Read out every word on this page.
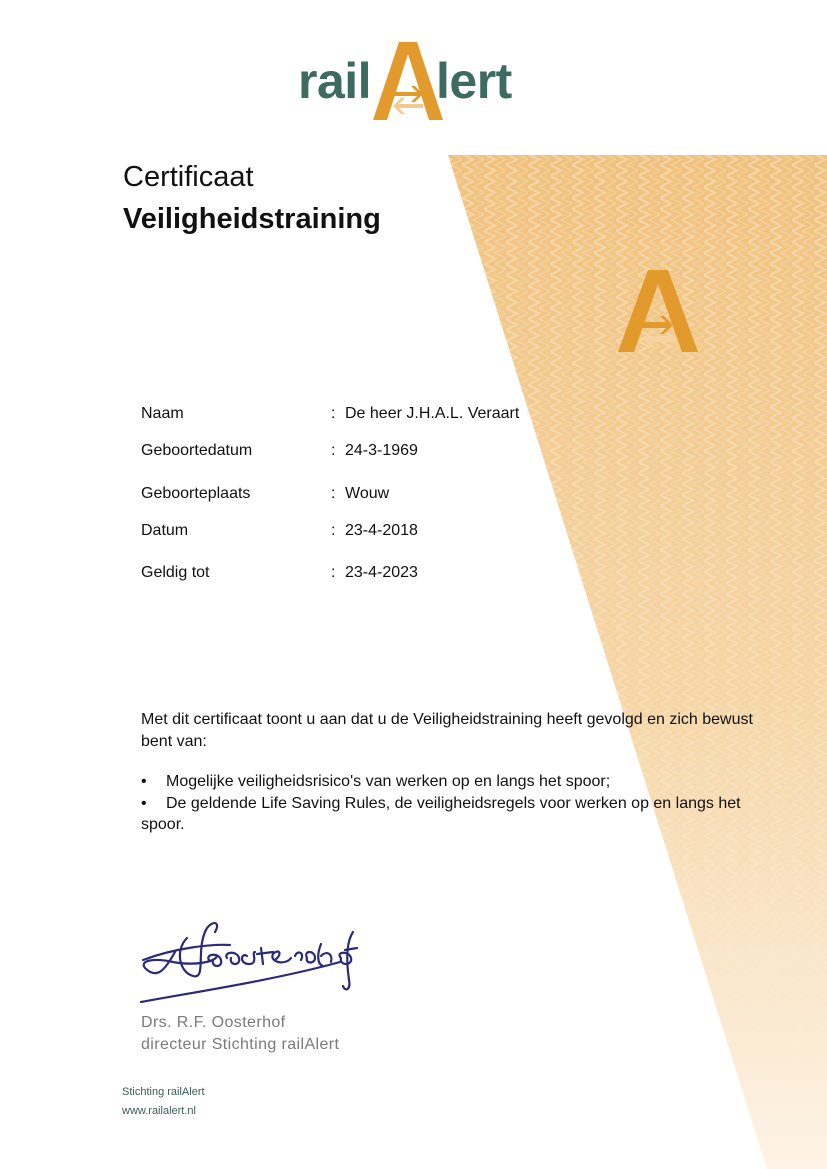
rail lert
Certificaat
Veiligheidstraining
Naam	: De heer J.H.A.L. Veraart
Geboortedatum	: 24-3-1969
Geboorteplaats	: Wouw
Datum	: 23-4-2018
Geldig tot	: 23-4-2023
Met dit certificaat toont u aan dat u de Veiligheidstraining heeft gevolgd en zich bewust bent van:
• Mogelijke veiligheidsrisico's van werken op en langs het spoor;
• De geldende Life Saving Rules, de veiligheidsregels voor werken op en langs het spoor.
Drs. R.F. Oosterhof
directeur Stichting railAlert
Stichting railAlert
www.railalert.nl
